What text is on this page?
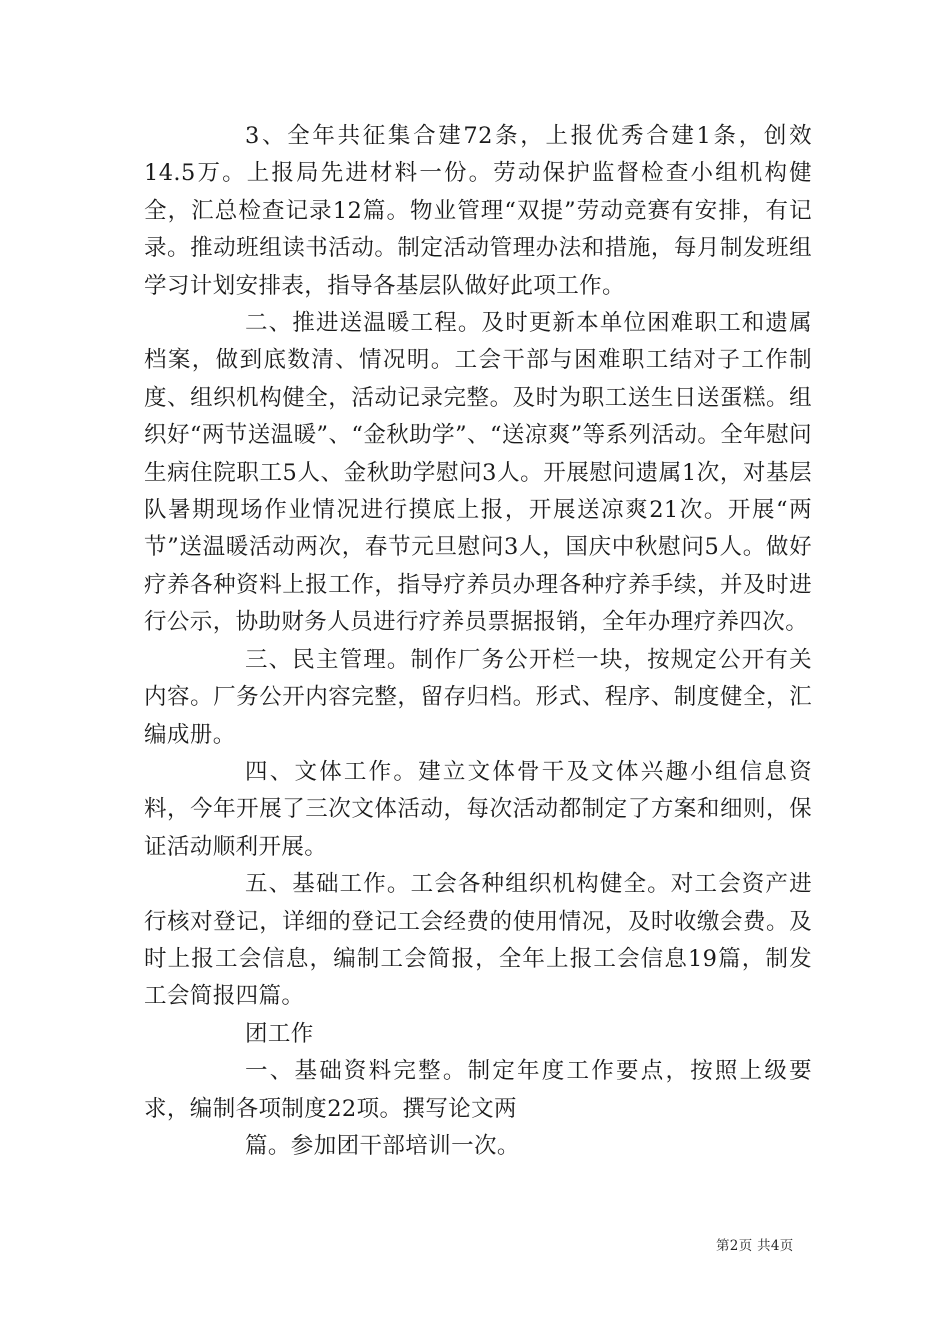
3、全年共征集合建72条，上报优秀合建1条，创效14.5万。上报局先进材料一份。劳动保护监督检查小组机构健全，汇总检查记录12篇。物业管理“双提”劳动竞赛有安排，有记录。推动班组读书活动。制定活动管理办法和措施，每月制发班组学习计划安排表，指导各基层队做好此项工作。

二、推进送温暖工程。及时更新本单位困难职工和遗属档案，做到底数清、情况明。工会干部与困难职工结对子工作制度、组织机构健全，活动记录完整。及时为职工送生日送蛋糕。组织好“两节送温暖”、“金秋助学”、“送凉爽”等系列活动。全年慰问生病住院职工5人、金秋助学慰问3人。开展慰问遗属1次，对基层队暑期现场作业情况进行摸底上报，开展送凉爽21次。开展“两节”送温暖活动两次，春节元旦慰问3人，国庆中秋慰问5人。做好疗养各种资料上报工作，指导疗养员办理各种疗养手续，并及时进行公示，协助财务人员进行疗养员票据报销，全年办理疗养四次。

三、民主管理。制作厂务公开栏一块，按规定公开有关内容。厂务公开内容完整，留存归档。形式、程序、制度健全，汇编成册。

四、文体工作。建立文体骨干及文体兴趣小组信息资料，今年开展了三次文体活动，每次活动都制定了方案和细则，保证活动顺利开展。

五、基础工作。工会各种组织机构健全。对工会资产进行核对登记，详细的登记工会经费的使用情况，及时收缴会费。及时上报工会信息，编制工会简报，全年上报工会信息19篇，制发工会简报四篇。

团工作

一、基础资料完整。制定年度工作要点，按照上级要求，编制各项制度22项。撰写论文两

篇。参加团干部培训一次。

第2页 共4页
